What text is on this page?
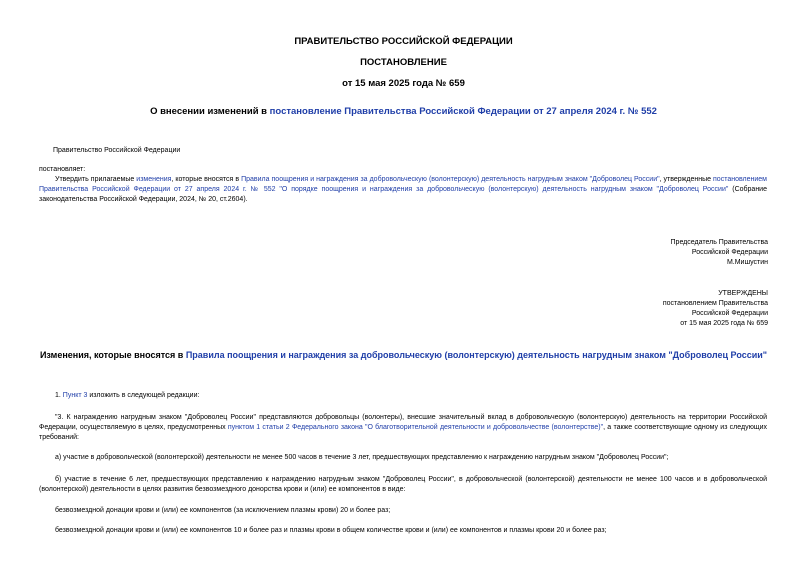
ПРАВИТЕЛЬСТВО РОССИЙСКОЙ ФЕДЕРАЦИИ
ПОСТАНОВЛЕНИЕ
от 15 мая 2025 года № 659
О внесении изменений в постановление Правительства Российской Федерации от 27 апреля 2024 г. № 552
Правительство Российской Федерации
постановляет:
Утвердить прилагаемые изменения, которые вносятся в Правила поощрения и награждения за добровольческую (волонтерскую) деятельность нагрудным знаком "Доброволец России", утвержденные постановлением Правительства Российской Федерации от 27 апреля 2024 г. № 552 "О порядке поощрения и награждения за добровольческую (волонтерскую) деятельность нагрудным знаком "Доброволец России" (Собрание законодательства Российской Федерации, 2024, № 20, ст.2604).
Председатель Правительства
Российской Федерации
М.Мишустин
УТВЕРЖДЕНЫ
постановлением Правительства
Российской Федерации
от 15 мая 2025 года № 659
Изменения, которые вносятся в Правила поощрения и награждения за добровольческую (волонтерскую) деятельность нагрудным знаком "Доброволец России"
1. Пункт 3 изложить в следующей редакции:
"3. К награждению нагрудным знаком "Доброволец России" представляются добровольцы (волонтеры), внесшие значительный вклад в добровольческую (волонтерскую) деятельность на территории Российской Федерации, осуществляемую в целях, предусмотренных пунктом 1 статьи 2 Федерального закона "О благотворительной деятельности и добровольчестве (волонтерстве)", а также соответствующие одному из следующих требований:
а) участие в добровольческой (волонтерской) деятельности не менее 500 часов в течение 3 лет, предшествующих представлению к награждению нагрудным знаком "Доброволец России";
б) участие в течение 6 лет, предшествующих представлению к награждению нагрудным знаком "Доброволец России", в добровольческой (волонтерской) деятельности не менее 100 часов и в добровольческой (волонтерской) деятельности в целях развития безвозмездного донорства крови и (или) ее компонентов в виде:
безвозмездной донации крови и (или) ее компонентов (за исключением плазмы крови) 20 и более раз;
безвозмездной донации крови и (или) ее компонентов 10 и более раз и плазмы крови в общем количестве крови и (или) ее компонентов и плазмы крови 20 и более раз;
